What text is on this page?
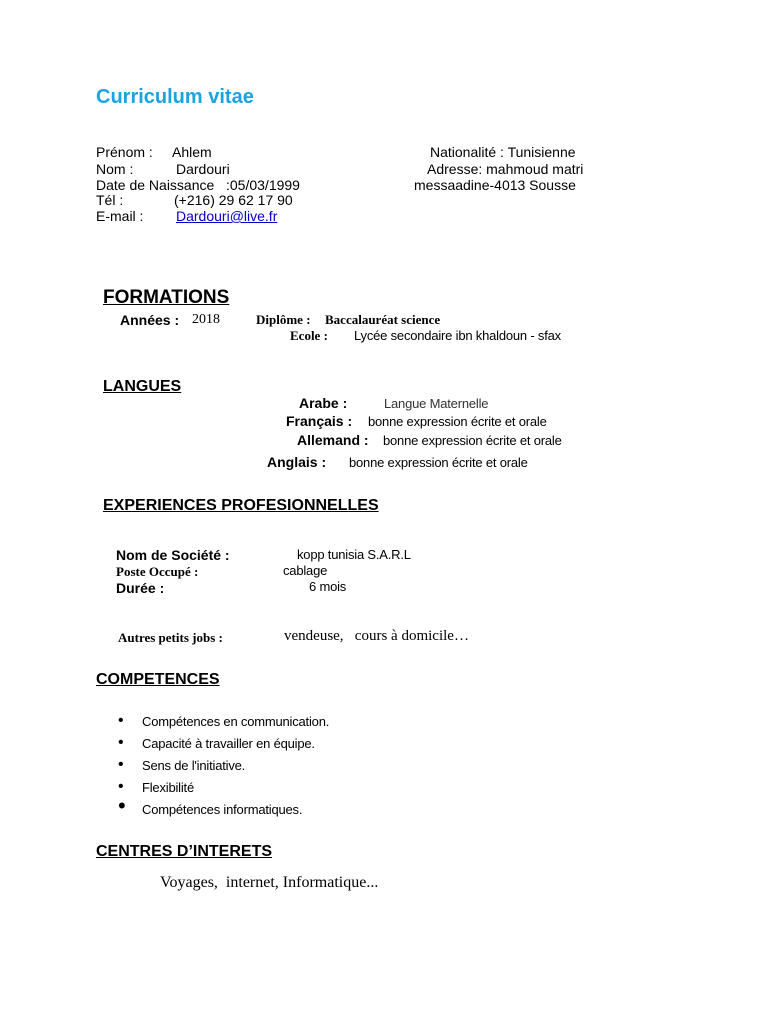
Curriculum vitae
Prénom : Ahlem
Nom :	Dardouri
Date de Naissance :05/03/1999
Tél :	(+216) 29 62 17 90
E-mail : Dardouri@live.fr
Nationalité : Tunisienne
Adresse: mahmoud matri
messaadine-4013 Sousse
FORMATIONS
Années : 2018	Diplôme : Baccalauréat science
Ecole : Lycée secondaire ibn khaldoun - sfax
LANGUES
Arabe :	Langue Maternelle
Français : bonne expression écrite et orale
Allemand : bonne expression écrite et orale
Anglais : bonne expression écrite et orale
EXPERIENCES PROFESIONNELLES
Nom de Société :	kopp tunisia S.A.R.L
Poste Occupé :	cablage
Durée :	6 mois
Autres petits jobs :	vendeuse,   cours à domicile…
COMPETENCES
• Compétences en communication.
• Capacité à travailler en équipe.
• Sens de l'initiative.
• Flexibilité
• Compétences informatiques.
CENTRES D’INTERETS
Voyages,  internet, Informatique...
